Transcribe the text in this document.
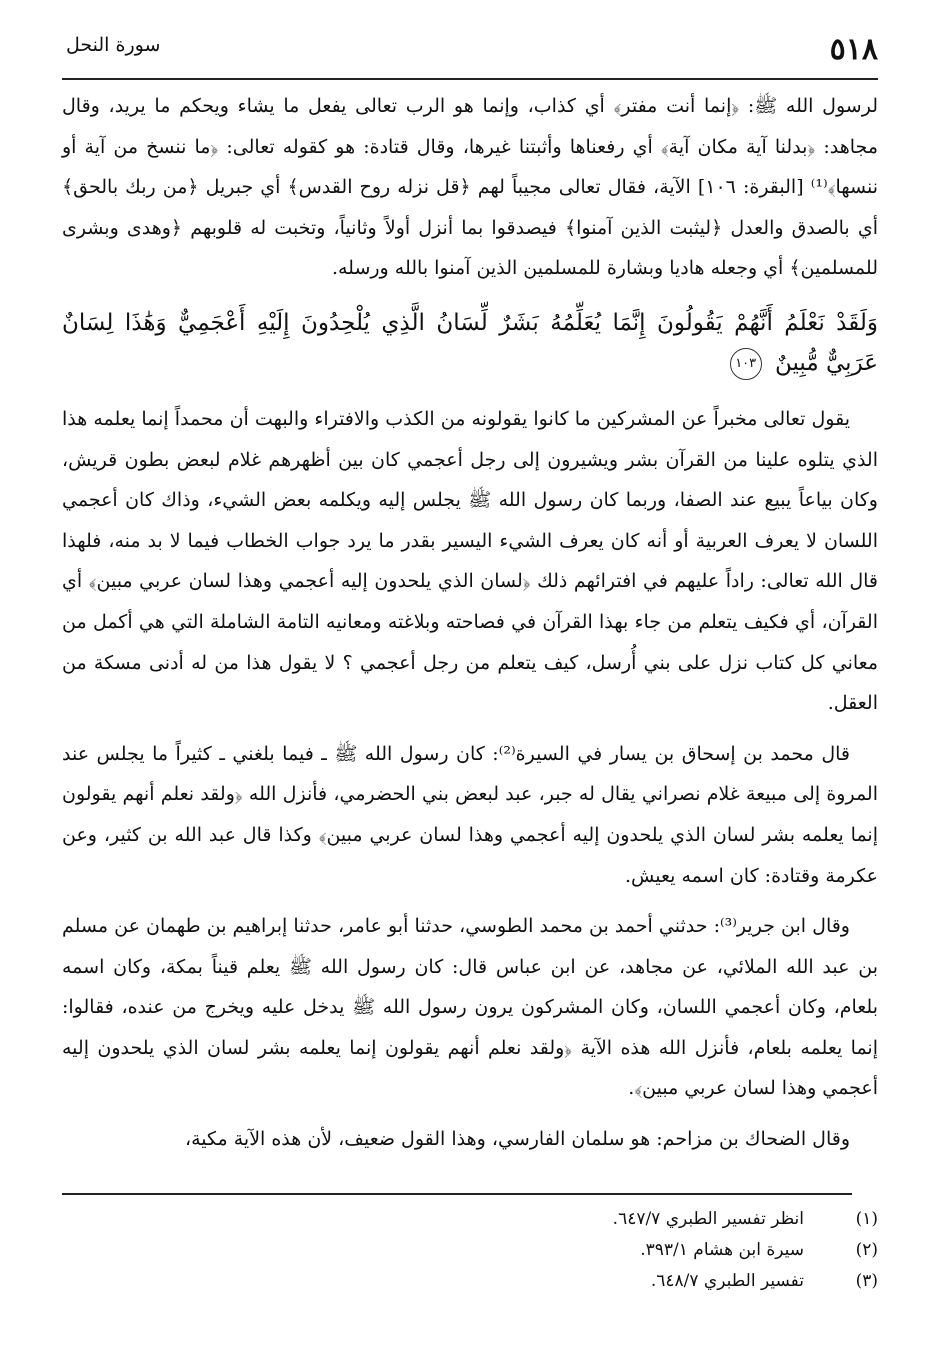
٥١٨
سورة النحل

لرسول الله ﷺ: ﴿إنما أنت مفتر﴾ أي كذاب، وإنما هو الرب تعالى يفعل ما يشاء ويحكم ما يريد، وقال مجاهد: ﴿بدلنا آية مكان آية﴾ أي رفعناها وأثبتنا غيرها، وقال قتادة: هو كقوله تعالى: ﴿ما ننسخ من آية أو ننسها﴾⁽¹⁾ [البقرة: ١٠٦] الآية، فقال تعالى مجيباً لهم ﴿قل نزله روح القدس﴾ أي جبريل ﴿من ربك بالحق﴾ أي بالصدق والعدل ﴿ليثبت الذين آمنوا﴾ فيصدقوا بما أنزل أولاً وثانياً، وتخبت له قلوبهم ﴿وهدى وبشرى للمسلمين﴾ أي وجعله هاديا وبشارة للمسلمين الذين آمنوا بالله ورسله.

وَلَقَدْ نَعْلَمُ أَنَّهُمْ يَقُولُونَ إِنَّمَا يُعَلِّمُهُ بَشَرٌ لِّسَانُ الَّذِي يُلْحِدُونَ إِلَيْهِ أَعْجَمِيٌّ وَهَٰذَا لِسَانٌ عَرَبِيٌّ مُّبِينٌ ١٠٣

يقول تعالى مخبراً عن المشركين ما كانوا يقولونه من الكذب والافتراء والبهت أن محمداً إنما يعلمه هذا الذي يتلوه علينا من القرآن بشر ويشيرون إلى رجل أعجمي كان بين أظهرهم غلام لبعض بطون قريش، وكان بياعاً يبيع عند الصفا، وربما كان رسول الله ﷺ يجلس إليه ويكلمه بعض الشيء، وذاك كان أعجمي اللسان لا يعرف العربية أو أنه كان يعرف الشيء اليسير بقدر ما يرد جواب الخطاب فيما لا بد منه، فلهذا قال الله تعالى: راداً عليهم في افترائهم ذلك ﴿لسان الذي يلحدون إليه أعجمي وهذا لسان عربي مبين﴾ أي القرآن، أي فكيف يتعلم من جاء بهذا القرآن في فصاحته وبلاغته ومعانيه التامة الشاملة التي هي أكمل من معاني كل كتاب نزل على بني أُرسل، كيف يتعلم من رجل أعجمي ؟ لا يقول هذا من له أدنى مسكة من العقل.

قال محمد بن إسحاق بن يسار في السيرة⁽²⁾: كان رسول الله ﷺ ـ فيما بلغني ـ كثيراً ما يجلس عند المروة إلى مبيعة غلام نصراني يقال له جبر، عبد لبعض بني الحضرمي، فأنزل الله ﴿ولقد نعلم أنهم يقولون إنما يعلمه بشر لسان الذي يلحدون إليه أعجمي وهذا لسان عربي مبين﴾ وكذا قال عبد الله بن كثير، وعن عكرمة وقتادة: كان اسمه يعيش.

وقال ابن جرير⁽³⁾: حدثني أحمد بن محمد الطوسي، حدثنا أبو عامر، حدثنا إبراهيم بن طهمان عن مسلم بن عبد الله الملائي، عن مجاهد، عن ابن عباس قال: كان رسول الله ﷺ يعلم قيناً بمكة، وكان اسمه بلعام، وكان أعجمي اللسان، وكان المشركون يرون رسول الله ﷺ يدخل عليه ويخرج من عنده، فقالوا: إنما يعلمه بلعام، فأنزل الله هذه الآية ﴿ولقد نعلم أنهم يقولون إنما يعلمه بشر لسان الذي يلحدون إليه أعجمي وهذا لسان عربي مبين﴾.

وقال الضحاك بن مزاحم: هو سلمان الفارسي، وهذا القول ضعيف، لأن هذه الآية مكية،

(١)
انظر تفسير الطبري ٦٤٧/٧.
(٢)
سيرة ابن هشام ٣٩٣/١.
(٣)
تفسير الطبري ٦٤٨/٧.
